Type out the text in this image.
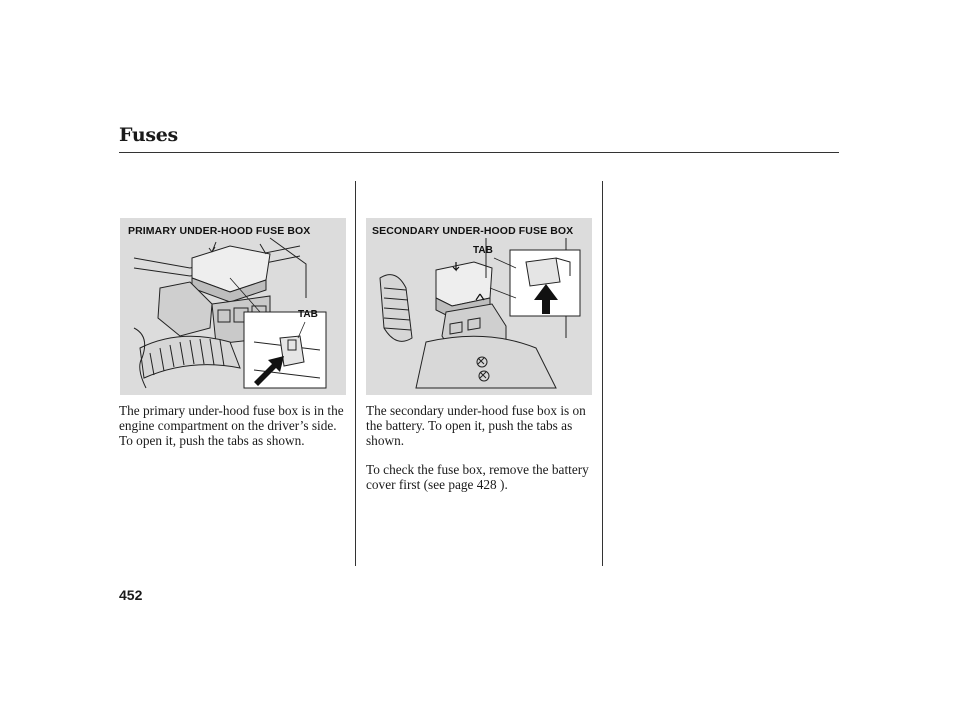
Fuses
PRIMARY UNDER-HOOD FUSE BOX
TAB
SECONDARY UNDER-HOOD FUSE BOX
TAB
The primary under-hood fuse box is in the engine compartment on the driver’s side. To open it, push the tabs as shown.
The secondary under-hood fuse box is on the battery. To open it, push the tabs as shown.
To check the fuse box, remove the battery cover first (see page 428 ).
452
